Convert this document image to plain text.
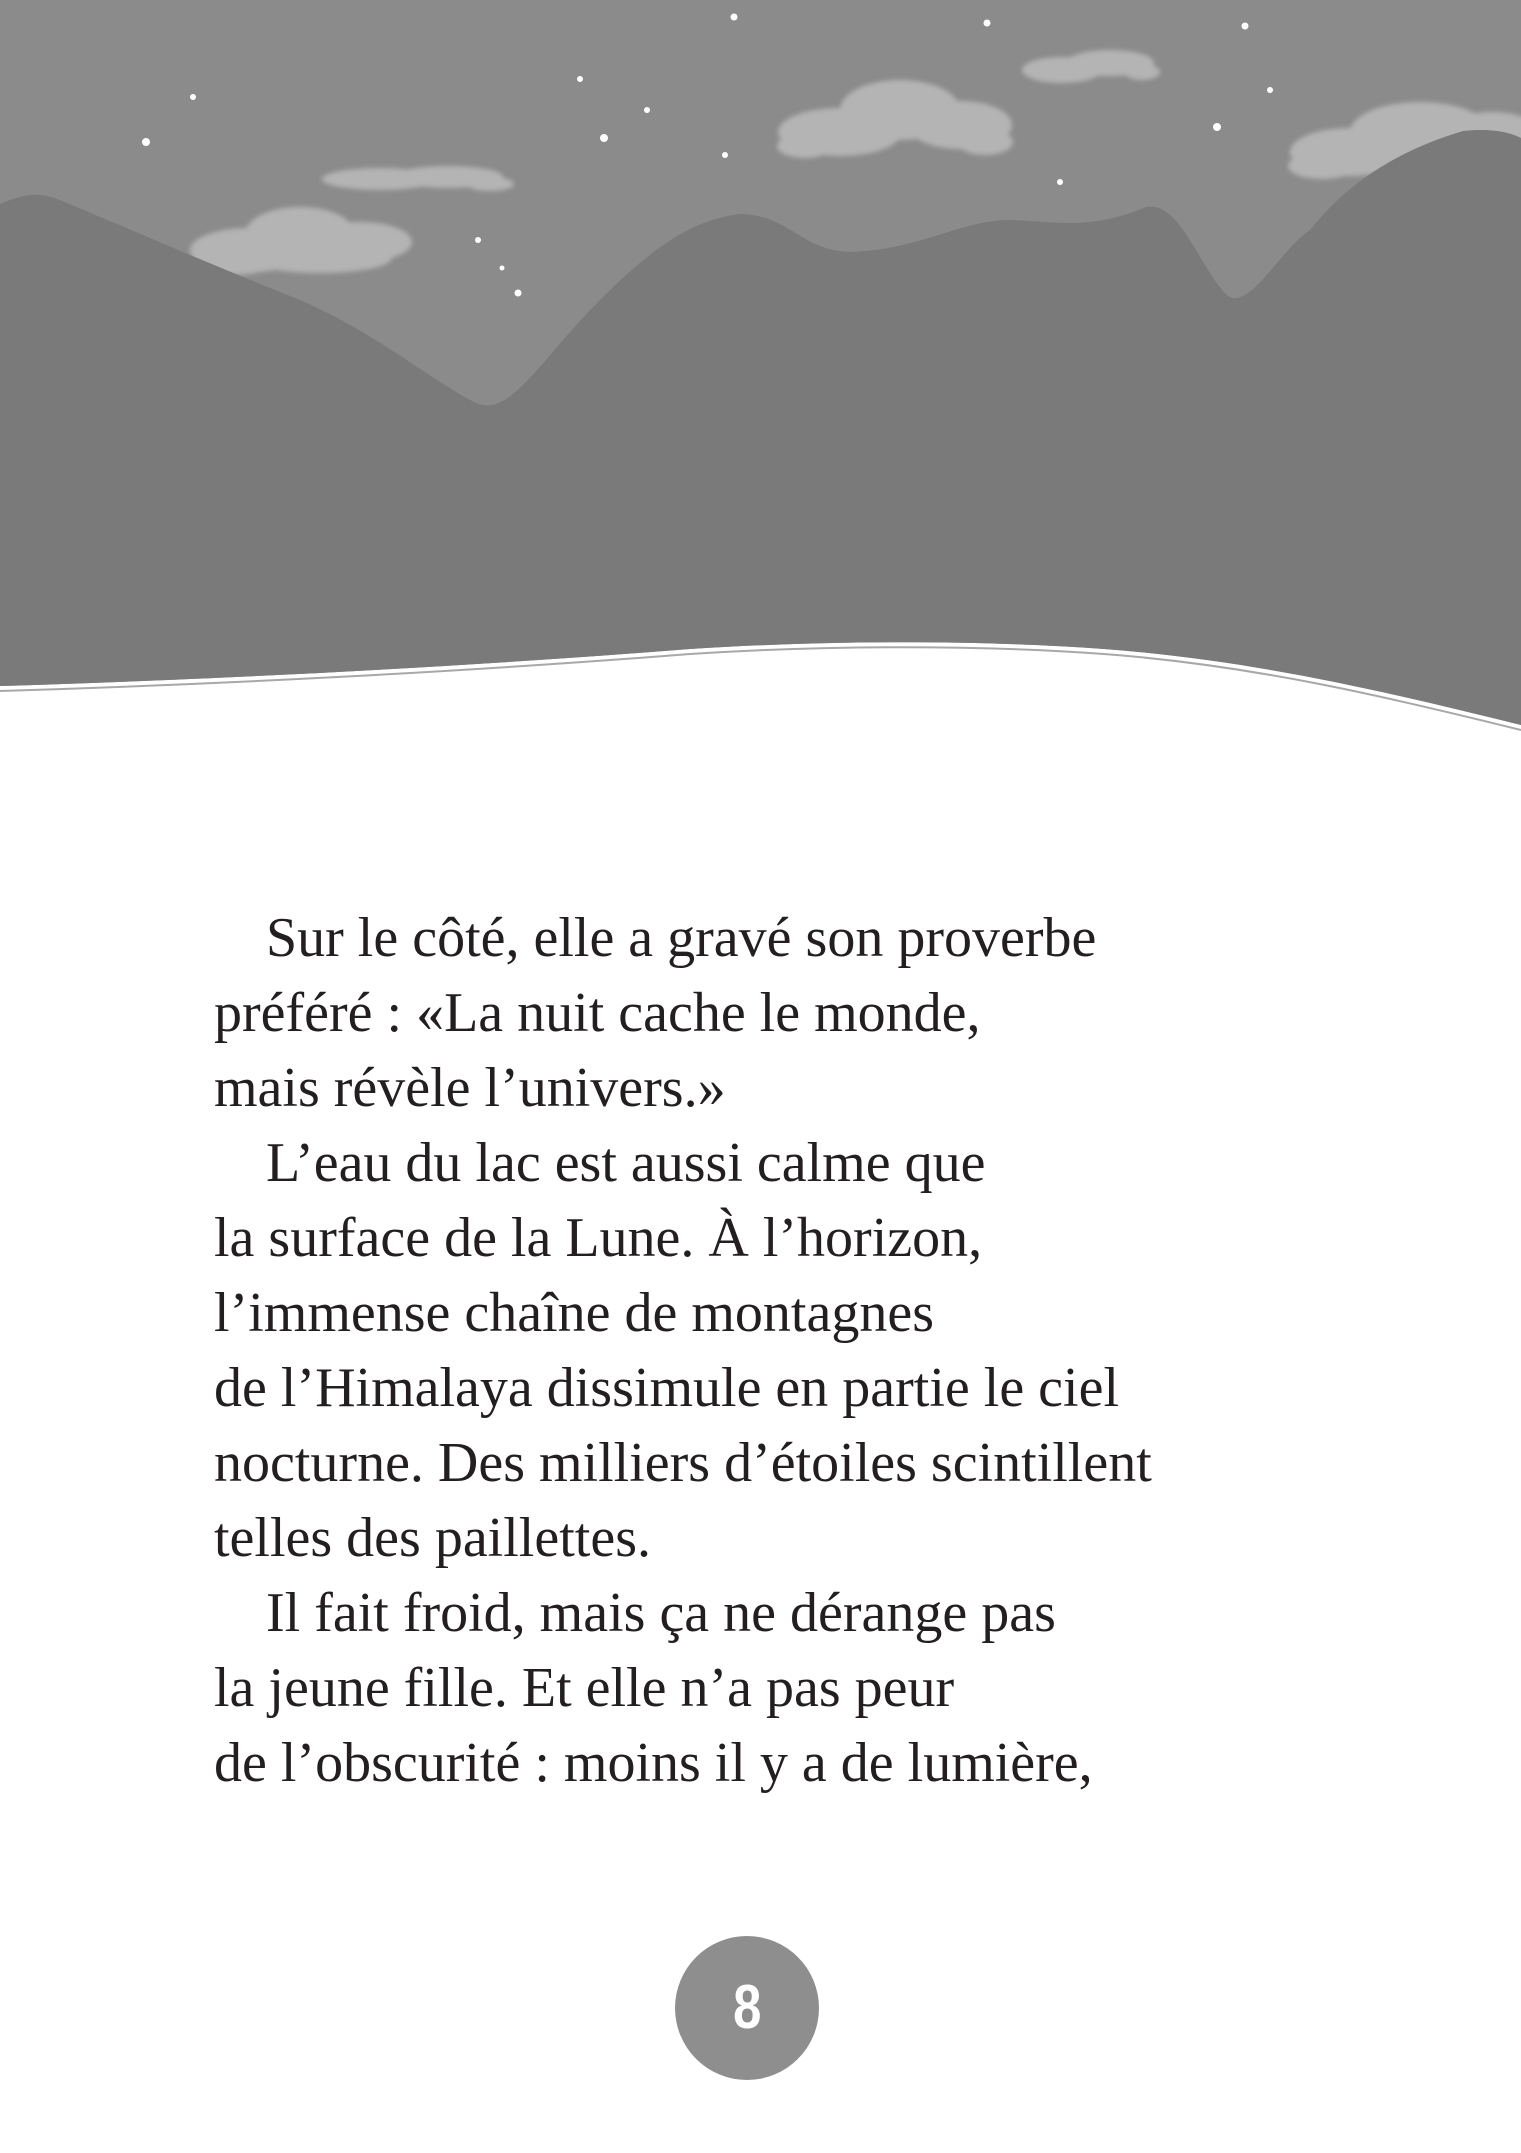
Sur le côté, elle a gravé son proverbe
préféré : «La nuit cache le monde,
mais révèle l’univers.»
L’eau du lac est aussi calme que
la surface de la Lune. À l’horizon,
l’immense chaîne de montagnes
de l’Himalaya dissimule en partie le ciel
nocturne. Des milliers d’étoiles scintillent
telles des paillettes.
Il fait froid, mais ça ne dérange pas
la jeune fille. Et elle n’a pas peur
de l’obscurité : moins il y a de lumière,
8
